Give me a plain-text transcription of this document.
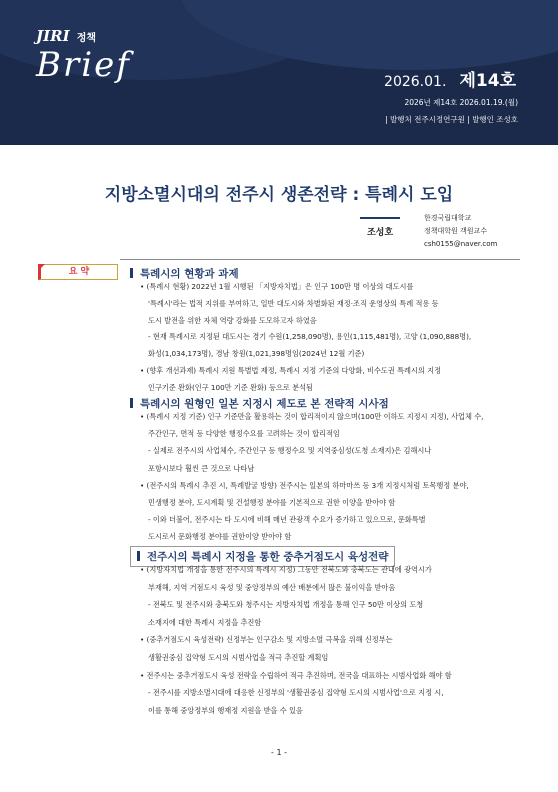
JIRI 정책
Brief	2026.01. 제14호
2026년 제14호 2026.01.19.(월)
| 발행처 전주시정연구원 | 발행인 조성호
지방소멸시대의 전주시 생존전략 : 특례시 도입
조성호
한경국립대학교
정책대학원 객원교수
csh0155@naver.com
요 약	특례시의 현황과 과제
• (특례시 현황) 2022년 1월 시행된 「지방자치법」은 인구 100만 명 이상의 대도시를
'특례시'라는 법적 지위를 부여하고, 일반 대도시와 차별화된 재정·조직 운영상의 특례 적용 등
도시 발전을 위한 자체 역량 강화를 도모하고자 하였음
- 현재 특례시로 지정된 대도시는 경기 수원(1,258,090명), 용인(1,115,481명), 고양 (1,090,888명),
화성(1,034,173명), 경남 창원(1,021,398명임(2024년 12월 기준)
• (향후 개선과제) 특례시 지원 특별법 제정, 특례시 지정 기준의 다양화, 비수도권 특례시의 지정
인구기준 완화(인구 100만 기준 완화) 등으로 분석됨
특례시의 원형인 일본 지정시 제도로 본 전략적 시사점
• (특례시 지정 기준) 인구 기준만을 활용하는 것이 합리적이지 않으며(100만 이하도 지정시 지정), 사업체 수,
주간인구, 면적 등 다양한 행정수요를 고려하는 것이 합리적임
- 실제로 전주시의 사업체수, 주간인구 등 행정수요 및 지역중심성(도청 소재지)은 김해시나
포항시보다 훨씬 큰 것으로 나타남
• (전주시의 특례시 추진 시, 특례발굴 방향) 전주시는 일본의 하마마쓰 등 3개 지정시처럼 토목행정 분야,
민생행정 분야, 도시계획 및 건설행정 분야를 기본적으로 권한 이양을 받아야 함
- 이와 더불어, 전주시는 타 도시에 비해 매년 관광객 수요가 증가하고 있으므로, 문화특별
도시로서 문화행정 분야를 권한이양 받아야 함
전주시의 특례시 지정을 통한 중추거점도시 육성전략
• (지방자치법 개정을 통한 전주시의 특례시 지정) 그동안 전북도와 충북도는 관내에 광역시가
부재해, 지역 거점도시 육성 및 중앙정부의 예산 배분에서 많은 불이익을 받아옴
- 전북도 및 전주시와 충북도와 청주시는 지방자치법 개정을 통해 인구 50만 이상의 도청
소재지에 대한 특례시 지정을 추진함
• (중추거점도시 육성전략) 신정부는 인구감소 및 지방소멸 극복을 위해 신정부는
생활권중심 집약형 도시의 시범사업을 적극 추진할 계획임
• 전주시는 중추거점도시 육성 전략을 수립하여 적극 추진하며, 전국을 대표하는 시범사업화 해야 함
- 전주시를 지방소멸시대에 대응한 신정부의 '생활권중심 집약형 도시의 시범사업'으로 지정 시,
이를 통해 중앙정부의 행재정 지원을 받을 수 있음
- 1 -
